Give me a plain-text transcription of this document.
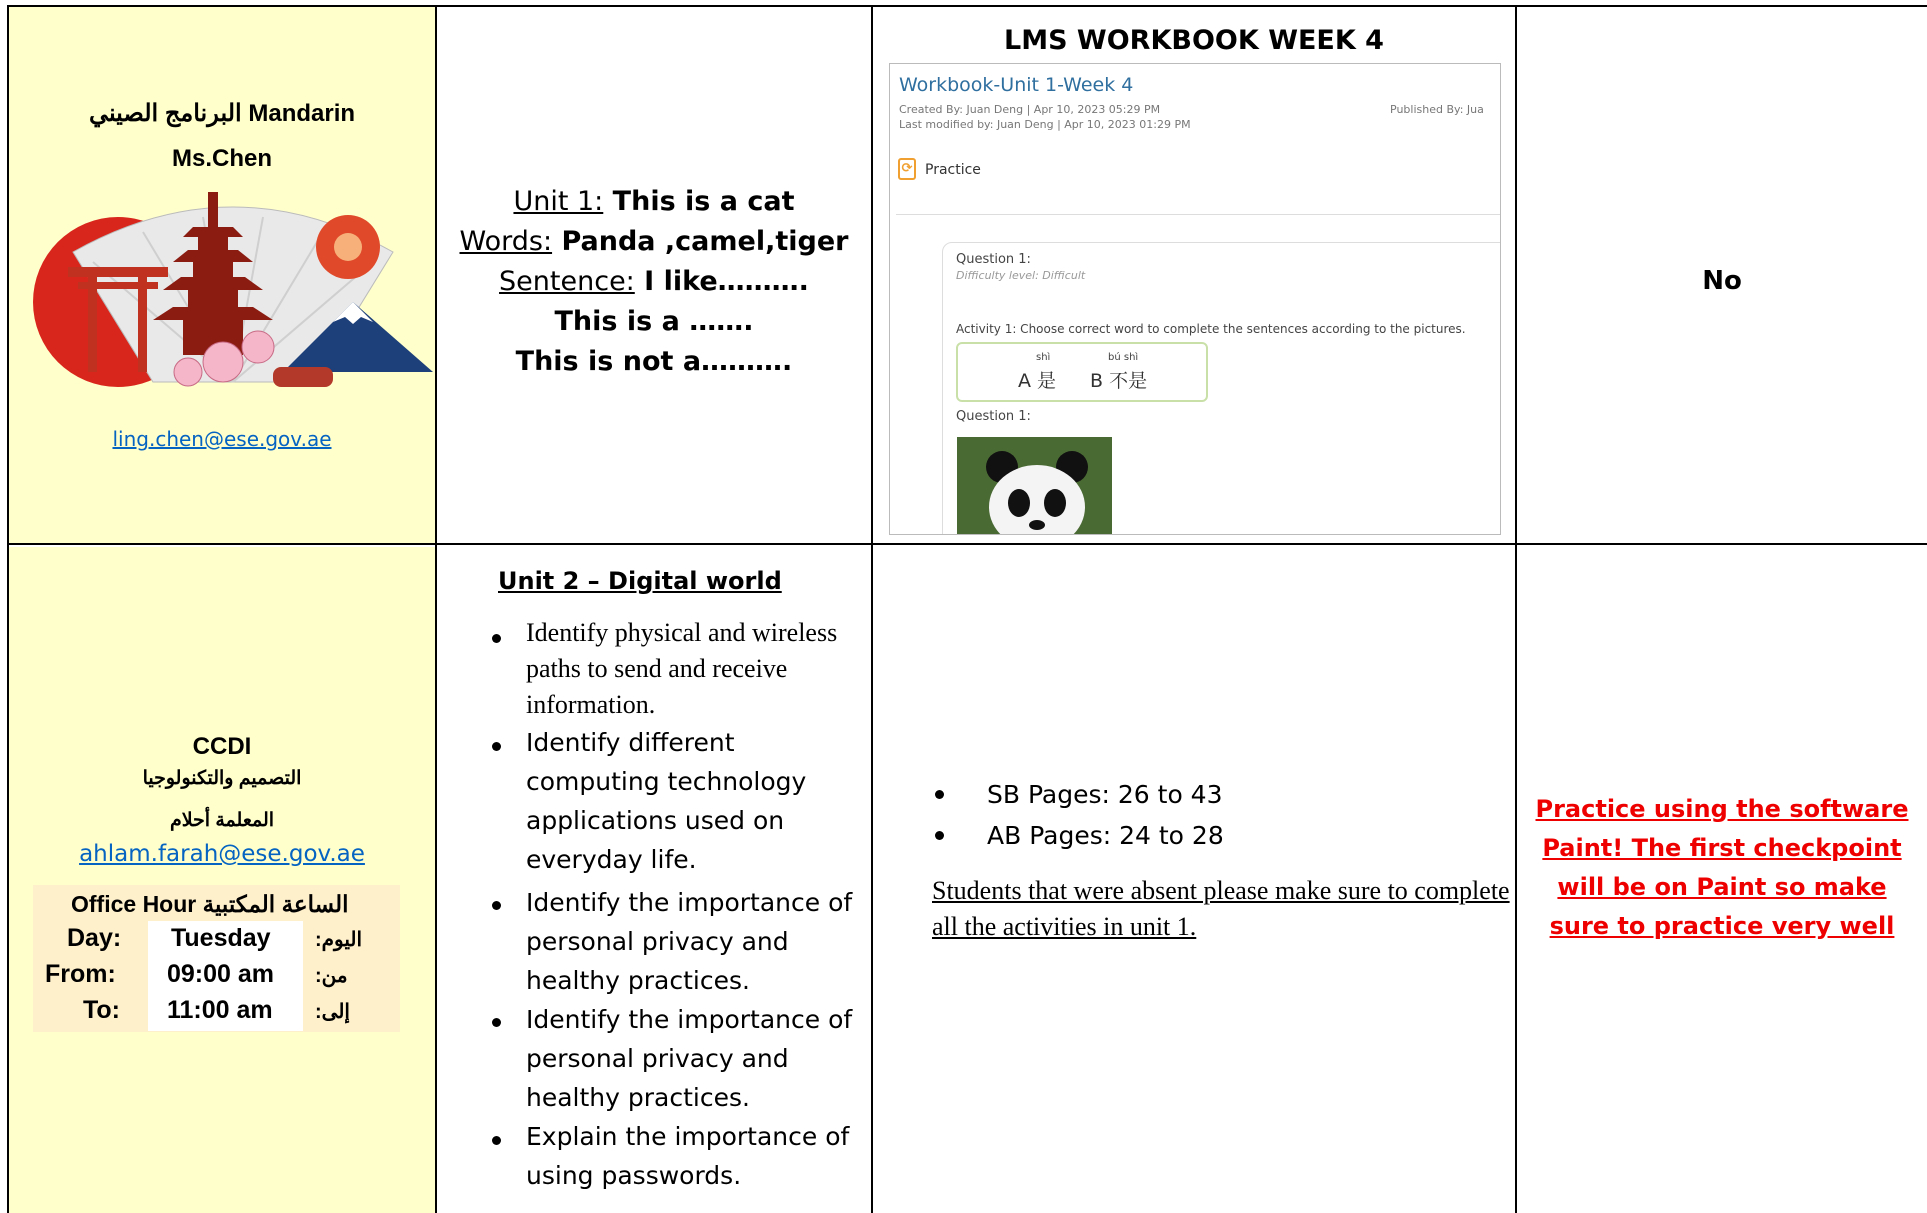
البرنامج الصيني Mandarin
Ms.Chen
ling.chen@ese.gov.ae
Unit 1: This is a cat
Words: Panda ,camel,tiger
Sentence: I like……….
This is a …….
This is not a……….
LMS WORKBOOK WEEK 4
Workbook-Unit 1-Week 4
Created By: Juan Deng | Apr 10, 2023 05:29 PM
Last modified by: Juan Deng | Apr 10, 2023 01:29 PM
Published By: Jua
⟳ Practice
Question 1:
Difficulty level: Difficult
Activity 1: Choose correct word to complete the sentences according to the pictures.
shì
A 是
bú shì
B 不是
Question 1:
No
CCDI
التصميم والتكنولوجيا
المعلمة أحلام
ahlam.farah@ese.gov.ae
Office Hour الساعة المكتبية
Day: Tuesday :اليوم
From: 09:00 am :من
To: 11:00 am :إلى
Unit 2 – Digital world
Identify physical and wireless paths to send and receive information.
Identify different computing technology applications used on everyday life.
Identify the importance of personal privacy and healthy practices.
Identify the importance of personal privacy and healthy practices.
Explain the importance of using passwords.
SB Pages: 26 to 43
AB Pages: 24 to 28
Students that were absent please make sure to complete all the activities in unit 1.
Practice using the software Paint! The first checkpoint will be on Paint so make sure to practice very well
